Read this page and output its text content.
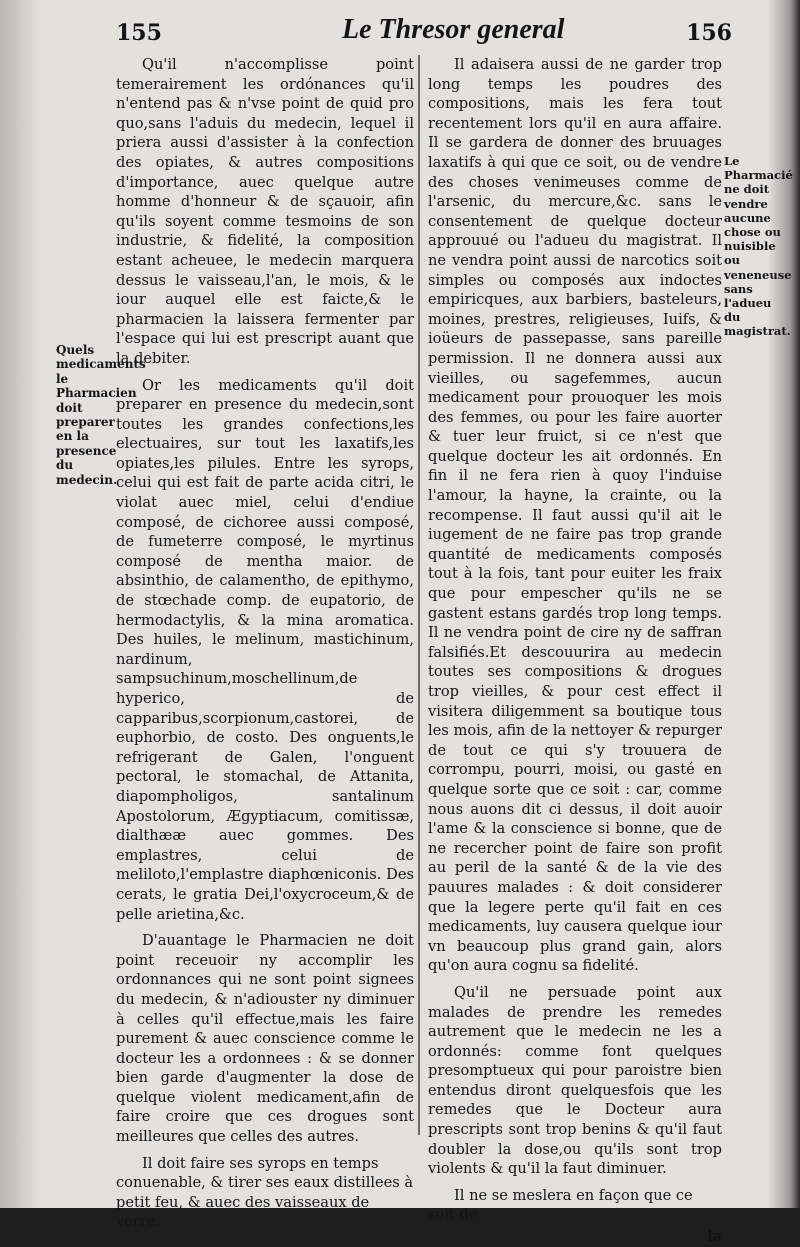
155	Le Thresor general	156
Quels medicaments le Pharmacien doit preparer en la presence du medecin.

Qu'il n'accomplisse point temerairement les ordónances qu'il n'entend pas & n'vse point de quid pro quo,sans l'aduis du medecin, lequel il priera aussi d'assister à la confection des opiates, & autres compositions d'importance, auec quelque autre homme d'honneur & de sçauoir, afin qu'ils soyent comme tesmoins de son industrie, & fidelité, la composition estant acheuee, le medecin marquera dessus le vaisseau,l'an, le mois, & le iour auquel elle est faicte,& le pharmacien la laissera fermenter par l'espace qui lui est prescript auant que la debiter.

Or les medicaments qu'il doit preparer en presence du medecin,sont toutes les grandes confections,les electuaires, sur tout les laxatifs,les opiates,les pilules. Entre les syrops, celui qui est fait de parte acida citri, le violat auec miel, celui d'endiue composé, de cichoree aussi composé, de fumeterre composé, le myrtinus composé de mentha maior. de absinthio, de calamentho, de epithymo, de stœchade comp. de eupatorio, de hermodactylis, & la mina aromatica. Des huiles, le melinum, mastichinum, nardinum, sampsuchinum,moschellinum,de hyperico, de capparibus,scorpionum,castorei, de euphorbio, de costo. Des onguents,le refrigerant de Galen, l'onguent pectoral, le stomachal, de Attanita, diapompholigos, santalinum Apostolorum, Ægyptiacum, comitissæ, dialthææ auec gommes. Des emplastres, celui de meliloto,l'emplastre diaphœniconis. Des cerats, le gratia Dei,l'oxycroceum,& de pelle arietina,&c.

D'auantage le Pharmacien ne doit point receuoir ny accomplir les ordonnances qui ne sont point signees du medecin, & n'adiouster ny diminuer à celles qu'il effectue,mais les faire purement & auec conscience comme le docteur les a ordonnees : & se donner bien garde d'augmenter la dose de quelque violent medicament,afin de faire croire que ces drogues sont meilleures que celles des autres.

Il doit faire ses syrops en temps conuenable, & tirer ses eaux distillees à petit feu, & auec des vaisseaux de verre.

Il adaisera aussi de ne garder trop long temps les poudres des compositions, mais les fera tout recentement lors qu'il en aura affaire. Il se gardera de donner des bruuages laxatifs à qui que ce soit, ou de vendre des choses venimeuses comme de l'arsenic, du mercure,&c. sans le consentement de quelque docteur approuué ou l'adueu du magistrat. Il ne vendra point aussi de narcotics soit simples ou composés aux indoctes empiricques, aux barbiers, basteleurs, moines, prestres, religieuses, Iuifs, & ioüeurs de passepasse, sans pareille permission. Il ne donnera aussi aux vieilles, ou sagefemmes, aucun medicament pour prouoquer les mois des femmes, ou pour les faire auorter & tuer leur fruict, si ce n'est que quelque docteur les ait ordonnés. En fin il ne fera rien à quoy l'induise l'amour, la hayne, la crainte, ou la recompense. Il faut aussi qu'il ait le iugement de ne faire pas trop grande quantité de medicaments composés tout à la fois, tant pour euiter les fraix que pour empescher qu'ils ne se gastent estans gardés trop long temps. Il ne vendra point de cire ny de saffran falsifiés.Et descouurira au medecin toutes ses compositions & drogues trop vieilles, & pour cest effect il visitera diligemment sa boutique tous les mois, afin de la nettoyer & repurger de tout ce qui s'y trouuera de corrompu, pourri, moisi, ou gasté en quelque sorte que ce soit : car, comme nous auons dit ci dessus, il doit auoir l'ame & la conscience si bonne, que de ne recercher point de faire son profit au peril de la santé & de la vie des pauures malades : & doit considerer que la legere perte qu'il fait en ces medicaments, luy causera quelque iour vn beaucoup plus grand gain, alors qu'on aura cognu sa fidelité.

Qu'il ne persuade point aux malades de prendre les remedes autrement que le medecin ne les a ordonnés: comme font quelques presomptueux qui pour paroistre bien entendus diront quelquesfois que les remedes que le Docteur aura prescripts sont trop benins & qu'il faut doubler la dose,ou qu'ils sont trop violents & qu'il la faut diminuer.

Il ne se meslera en façon que ce soit de

la

Le Pharmacié ne doit vendre aucune chose ou nuisible ou veneneuse sans l'adueu du magistrat.
